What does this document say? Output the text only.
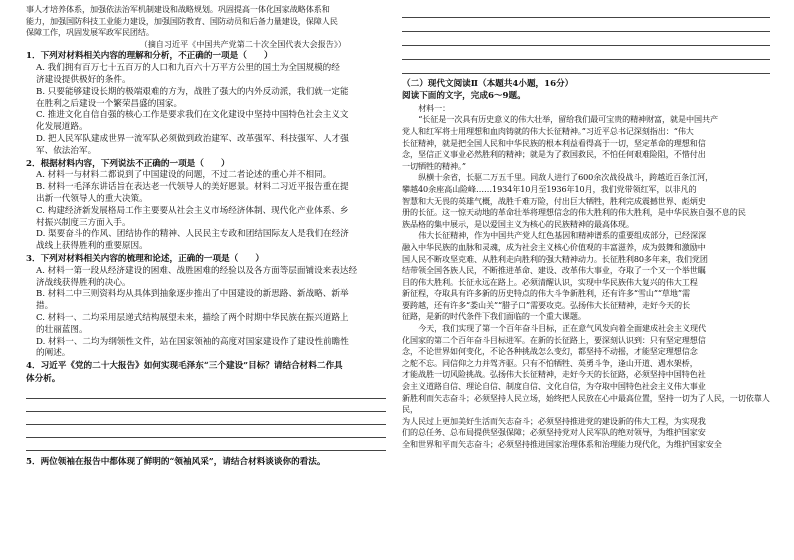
事人才培养体系，加强依法治军机制建设和战略规划。巩固提高一体化国家战略体系和

能力，加强国防科技工业能力建设，加强国防教育、国防动员和后备力量建设，保障人民

保障工作，巩固发展军政军民团结。

（摘自习近平《中国共产党第二十次全国代表大会报告》）

1．下列对材料相关内容的理解和分析，不正确的一项是（　　）

A. 我们拥有百万七十五百万的人口和九百六十万平方公里的国土为全国规模的经

济建设提供极好的条件。

B. 只要能够建设长期的极端艰难的方为，战胜了强大的内外反动派，我们就一定能

在胜利之后建设一个繁荣昌盛的国家。

C. 推进文化自信自强的核心工作是要求我们在文化建设中坚持中国特色社会主义文

化发展道路。

D. 把人民军队建成世界一流军队必须做到政治建军、改革强军、科技强军、人才强

军、依法治军。

2．根据材料内容，下列说法不正确的一项是（　　）

A. 材料一与材料二都说到了中国建设的问题，不过二者论述的重心并不相同。

B. 材料一毛泽东讲话旨在表达老一代领导人的美好愿景。材料二习近平报告重在提

出新一代领导人的重大决策。

C. 构建经济新发展格局工作主要要从社会主义市场经济体制、现代化产业体系、乡

村振兴制度三方面入手。

D. 渠要奋斗的作风、团结协作的精神、人民民主专政和团结国际友人是我们在经济

战线上获得胜利的重要原因。

3．下列对材料相关内容的梳理和论述，正确的一项是（　　）

A. 材料一第一段从经济建设的困难、战胜困难的经验以及各方面等层面铺设来表达经

济战线获得胜利的决心。

B. 材料二中三则资料均从具体到抽象逐步推出了中国建设的新思路、新战略、新举

措。

C. 材料一、二均采用层递式结构展望未来，描绘了两个时期中华民族在振兴道路上

的壮丽蓝图。

D. 材料一、二均为纲领性文件，站在国家领袖的高度对国家建设作了建设性前瞻性

的阐述。

4．习近平《党的二十大报告》如何实现毛泽东“三个建设”目标？请结合材料二作具

体分析。

5．两位领袖在报告中都体现了鲜明的“领袖风采”，请结合材料谈谈你的看法。

（二）现代文阅读Ⅱ（本题共4小题，16分）

阅读下面的文字，完成6～9题。

材料一：

“长征是一次具有历史意义的伟大壮举，留给我们最可宝贵的精神财富，就是中国共产

党人和红军将士用理想和血肉铸就的伟大长征精神。”习近平总书记深刻指出：“伟大

长征精神，就是把全国人民和中华民族的根本利益看得高于一切，坚定革命的理想和信

念，坚信正义事业必然胜利的精神；就是为了救国救民，不怕任何艰难险阻，不惜付出

一切牺牲的精神。”

纵横十余省，长驱二万五千里。同敌人进行了600余次战役战斗，跨越近百条江河，

攀越40余座高山险峰……1934年10月至1936年10月，我们党带领红军，以非凡的

智慧和大无畏的英雄气概，战胜千难万险，付出巨大牺牲，胜利完成震撼世界、彪炳史

册的长征。这一惊天动地的革命壮举将理想信念的伟大胜利的伟大胜利，是中华民族自强不息的民

族品格的集中展示，是以爱国主义为核心的民族精神的最高体现。

伟大长征精神，作为中国共产党人红色基因和精神谱系的重要组成部分，已经深深

融入中华民族的血脉和灵魂，成为社会主义核心价值观的丰富滋养，成为鼓舞和激励中

国人民不断攻坚克难、从胜利走向胜利的强大精神动力。长征胜利80多年来，我们党团

结带领全国各族人民，不断推进革命、建设、改革伟大事业，夺取了一个又一个举世瞩

目的伟大胜利。长征永远在路上。必须清醒认识，实现中华民族伟大复兴的伟大工程

新征程，夺取具有许多新的历史特点的伟大斗争新胜利，还有许多“雪山”“草地”需

要跨越，还有许多“娄山关”“腊子口”需要攻克。弘扬伟大长征精神，走好今天的长

征路，是新的时代条件下我们面临的一个重大课题。

今天，我们实现了第一个百年奋斗目标，正在意气风发向着全面建成社会主义现代

化国家的第二个百年奋斗目标进军。在新的长征路上，要深刻认识到：只有坚定理想信

念，不论世界如何变化，不论各种挑战怎么变幻，都坚持不动摇，才能坚定理想信念

之舵不忘。同信仰之力并驾齐驱。只有不怕牺牲、英勇斗争，逢山开道、遇水架桥，

才能战胜一切风险挑战。弘扬伟大长征精神，走好今天的长征路，必须坚持中国特色社

会主义道路自信、理论自信、制度自信、文化自信，为夺取中国特色社会主义伟大事业

新胜利而矢志奋斗；必须坚持人民立场，始终把人民放在心中最高位置，坚持一切为了人民，一切依靠人民，

为人民过上更加美好生活而矢志奋斗；必须坚持推进党的建设新的伟大工程，为实现我

们的总任务、总布局提供坚强保障；必须坚持党对人民军队的绝对领导，为维护国家安

全和世界和平而矢志奋斗；必须坚持推进国家治理体系和治理能力现代化，为维护国家安全
